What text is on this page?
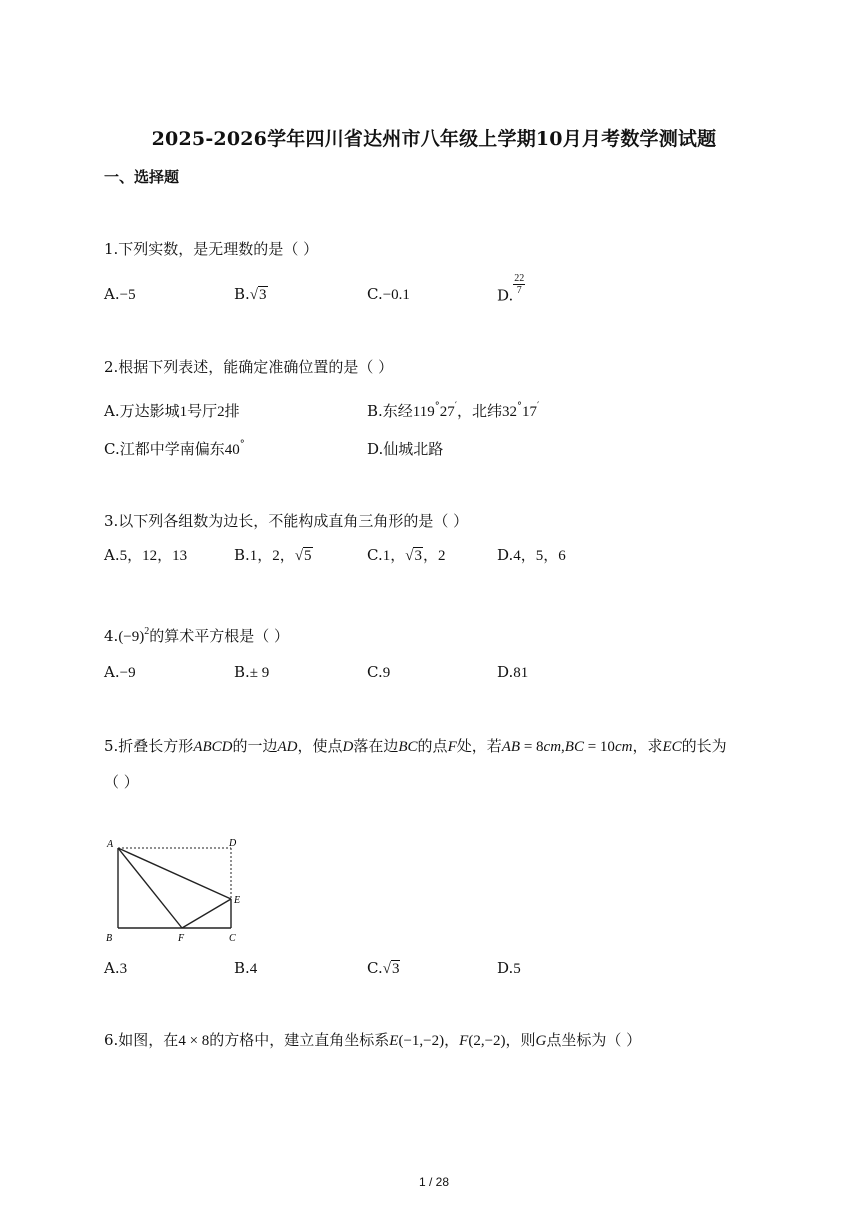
2025-2026学年四川省达州市八年级上学期10月月考数学测试题
一、选择题
1.下列实数，是无理数的是（ ）
A.−5	B.√3	C.−0.1	D. $\frac{22}{7}$
2.根据下列表述，能确定准确位置的是（ ）
A.万达影城1号厅2排	B.东经119°27′，北纬32°17′
C.江都中学南偏东40°	D.仙城北路
3.以下列各组数为边长，不能构成直角三角形的是（ ）
A.5，12，13	B.1，2，√5	C.1，√3，2	D.4，5，6
$4.(-9)^2$的算术平方根是（ ）
A.−9	B.± 9	C.9	D.81
5.折叠长方形ABCD的一边AD，使点D落在边BC的点F处，若AB = 8cm,BC = 10cm，求EC的长为
（ ）
A	D
B	C
E
F
A.3	B.4	C.√3	D.5
6.如图，在4 × 8的方格中，建立直角坐标系E(−1,−2)，F(2,−2)，则G点坐标为（ ）
1 / 28
